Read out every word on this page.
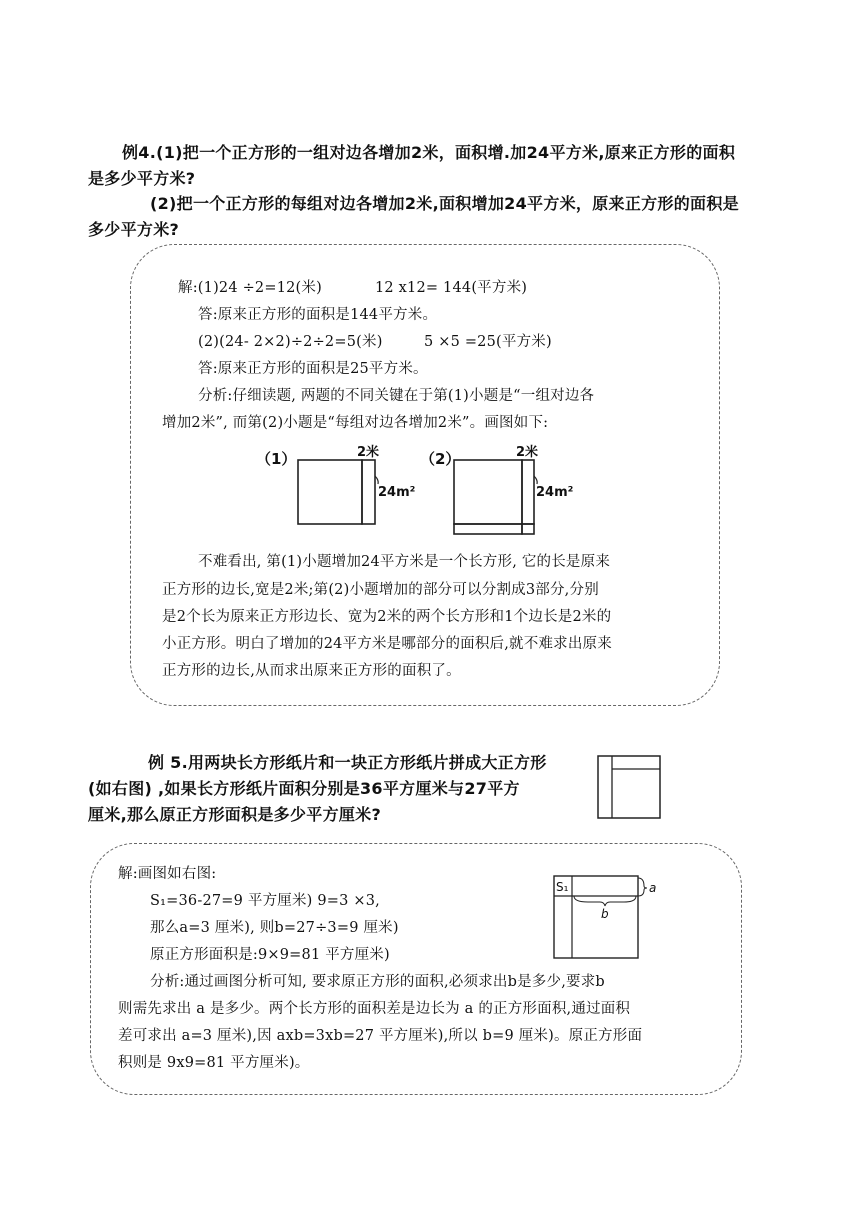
例4.(1)把一个正方形的一组对边各增加2米，面积增.加24平方米,原来正方形的面积
是多少平方米?
(2)把一个正方形的每组对边各增加2米,面积增加24平方米，原来正方形的面积是
多少平方米?
解:(1)24 ÷2=12(米)	12 x12= 144(平方米)
答:原来正方形的面积是144平方米。
(2)(24- 2×2)÷2÷2=5(米)	5 ×5 =25(平方米)
答:原来正方形的面积是25平方米。
分析:仔细读题, 两题的不同关键在于第(1)小题是“一组对边各
增加2米”, 而第(2)小题是“每组对边各增加2米”。画图如下:
（1）	2米
24m²
（2）	2米
24m²
不难看出, 第(1)小题增加24平方米是一个长方形, 它的长是原来
正方形的边长,宽是2米;第(2)小题增加的部分可以分割成3部分,分别
是2个长为原来正方形边长、宽为2米的两个长方形和1个边长是2米的
小正方形。明白了增加的24平方米是哪部分的面积后,就不难求出原来
正方形的边长,从而求出原来正方形的面积了。
例 5.用两块长方形纸片和一块正方形纸片拼成大正方形
(如右图) ,如果长方形纸片面积分别是36平方厘米与27平方
厘米,那么原正方形面积是多少平方厘米?
解:画图如右图:
S₁=36-27=9 平方厘米) 9=3 ×3,
那么a=3 厘米), 则b=27÷3=9 厘米)
原正方形面积是:9×9=81 平方厘米)
S₁	a
b
分析:通过画图分析可知, 要求原正方形的面积,必须求出b是多少,要求b
则需先求出 a 是多少。两个长方形的面积差是边长为 a 的正方形面积,通过面积
差可求出 a=3 厘米),因 axb=3xb=27 平方厘米),所以 b=9 厘米)。原正方形面
积则是 9x9=81 平方厘米)。
